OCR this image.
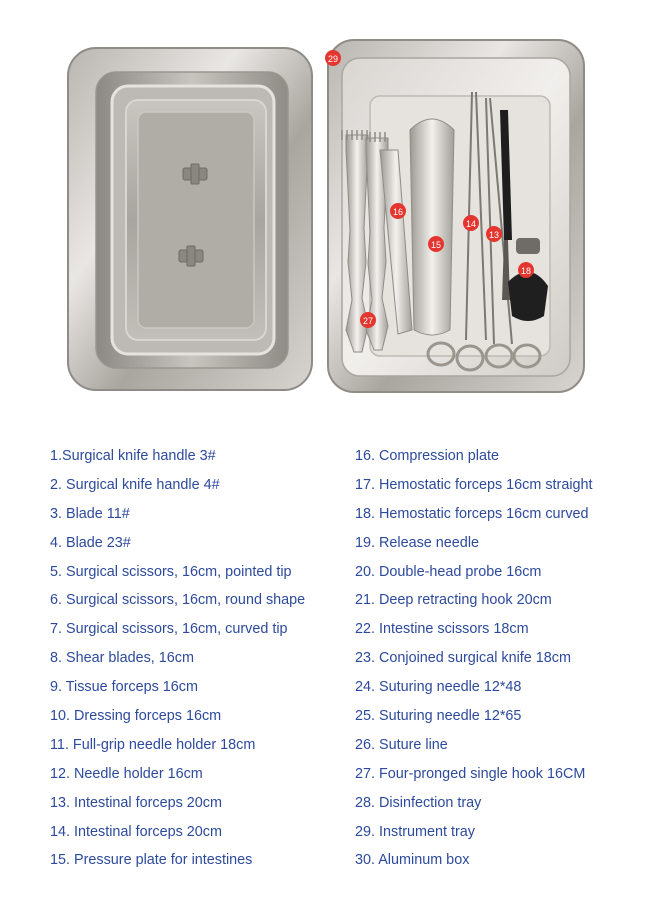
29
16
14
13
15
18
27
1.Surgical knife handle 3#
2. Surgical knife handle 4#
3. Blade 11#
4. Blade 23#
5. Surgical scissors, 16cm, pointed tip
6. Surgical scissors, 16cm, round shape
7. Surgical scissors, 16cm, curved tip
8. Shear blades, 16cm
9. Tissue forceps 16cm
10. Dressing forceps 16cm
11. Full-grip needle holder 18cm
12. Needle holder 16cm
13. Intestinal forceps 20cm
14. Intestinal forceps 20cm
15. Pressure plate for intestines
16. Compression plate
17. Hemostatic forceps 16cm straight
18. Hemostatic forceps 16cm curved
19. Release needle
20. Double-head probe 16cm
21. Deep retracting hook 20cm
22. Intestine scissors 18cm
23. Conjoined surgical knife 18cm
24. Suturing needle 12*48
25. Suturing needle 12*65
26. Suture line
27. Four-pronged single hook 16CM
28. Disinfection tray
29. Instrument tray
30. Aluminum box
